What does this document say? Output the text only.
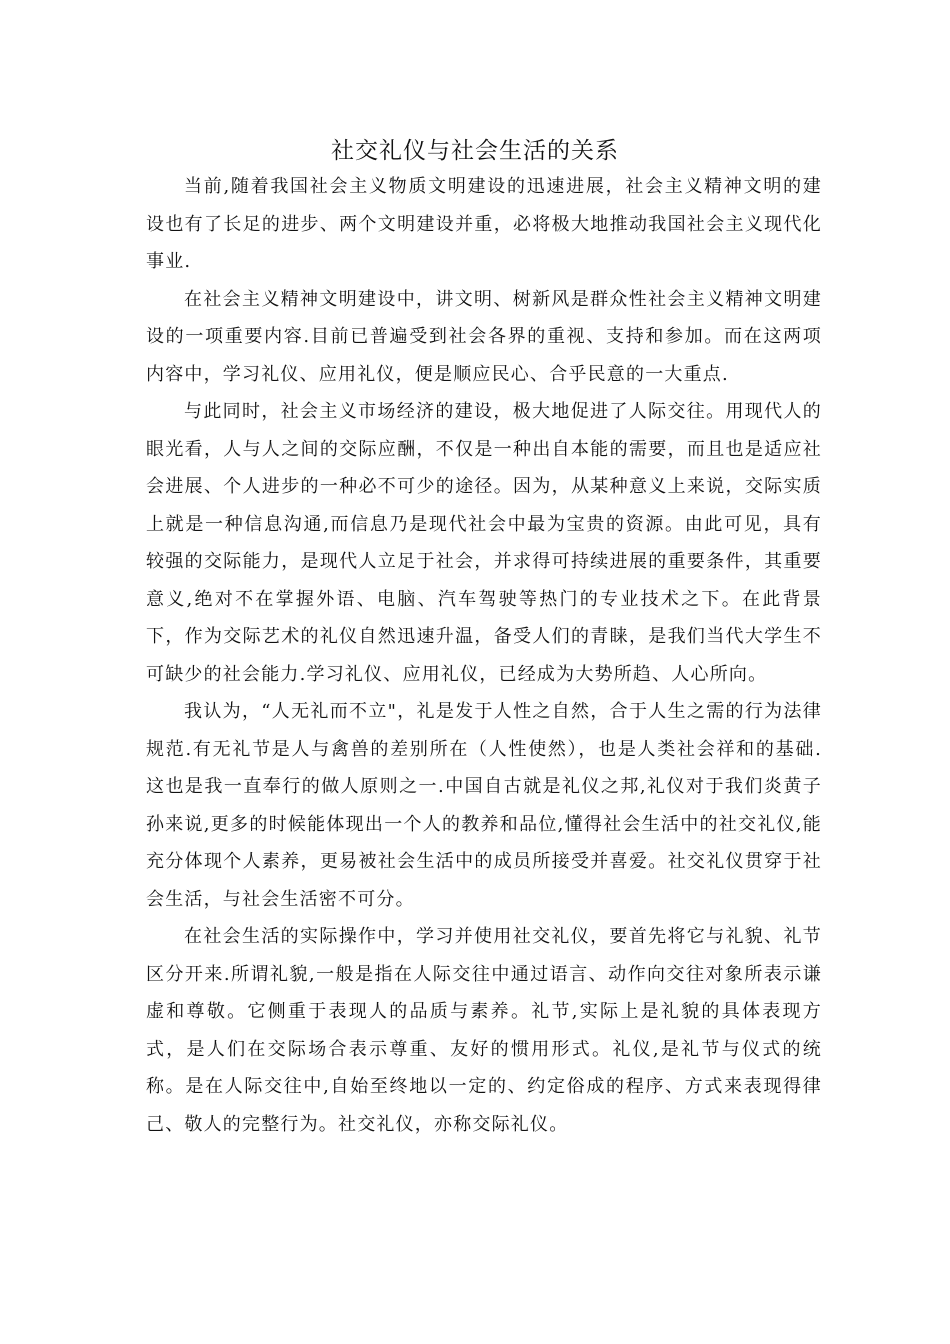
社交礼仪与社会生活的关系

当前,随着我国社会主义物质文明建设的迅速进展，社会主义精神文明的建设也有了长足的进步、两个文明建设并重，必将极大地推动我国社会主义现代化事业.

在社会主义精神文明建设中，讲文明、树新风是群众性社会主义精神文明建设的一项重要内容.目前已普遍受到社会各界的重视、支持和参加。而在这两项内容中，学习礼仪、应用礼仪，便是顺应民心、合乎民意的一大重点.

与此同时，社会主义市场经济的建设，极大地促进了人际交往。用现代人的眼光看，人与人之间的交际应酬，不仅是一种出自本能的需要，而且也是适应社会进展、个人进步的一种必不可少的途径。因为，从某种意义上来说，交际实质上就是一种信息沟通,而信息乃是现代社会中最为宝贵的资源。由此可见，具有较强的交际能力，是现代人立足于社会，并求得可持续进展的重要条件，其重要意义,绝对不在掌握外语、电脑、汽车驾驶等热门的专业技术之下。在此背景下，作为交际艺术的礼仪自然迅速升温，备受人们的青睐，是我们当代大学生不可缺少的社会能力.学习礼仪、应用礼仪，已经成为大势所趋、人心所向。

我认为，“人无礼而不立"，礼是发于人性之自然，合于人生之需的行为法律规范.有无礼节是人与禽兽的差别所在（人性使然），也是人类社会祥和的基础.这也是我一直奉行的做人原则之一.中国自古就是礼仪之邦,礼仪对于我们炎黄子孙来说,更多的时候能体现出一个人的教养和品位,懂得社会生活中的社交礼仪,能充分体现个人素养，更易被社会生活中的成员所接受并喜爱。社交礼仪贯穿于社会生活，与社会生活密不可分。

在社会生活的实际操作中，学习并使用社交礼仪，要首先将它与礼貌、礼节区分开来.所谓礼貌,一般是指在人际交往中通过语言、动作向交往对象所表示谦虚和尊敬。它侧重于表现人的品质与素养。礼节,实际上是礼貌的具体表现方式，是人们在交际场合表示尊重、友好的惯用形式。礼仪,是礼节与仪式的统称。是在人际交往中,自始至终地以一定的、约定俗成的程序、方式来表现得律己、敬人的完整行为。社交礼仪，亦称交际礼仪。
